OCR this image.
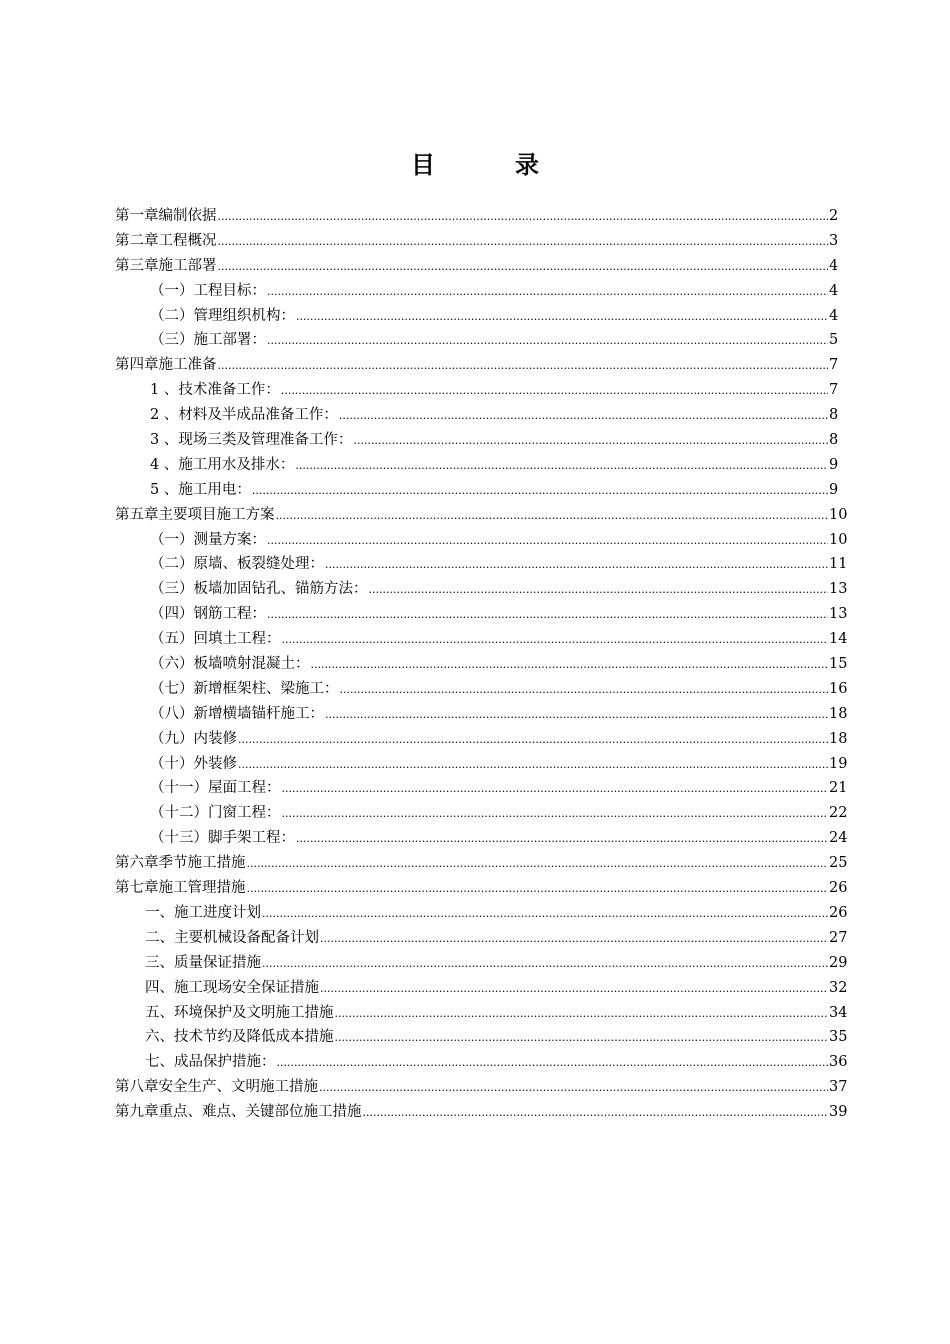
目　录
第一章 编制依据 .....	2
第二章 工程概况 .....	3
第三章 施工部署 .....	4
（一）工程目标： .....	4
（二）管理组织机构： .....	4
（三）施工部署： .....	5
第四章 施工准备 .....	7
1 、技术准备工作： .....	7
2 、材料及半成品准备工作： .....	8
3 、现场三类及管理准备工作： .....	8
4 、施工用水及排水： .....	9
5 、施工用电： .....	9
第五章 主要项目施工方案 .....	10
（一）测量方案： .....	10
（二）原墙、板裂缝处理： .....	11
（三）板墙加固钻孔、锚筋方法： .....	13
（四）钢筋工程： .....	13
（五）回填土工程： .....	14
（六）板墙喷射混凝土： .....	15
（七）新增框架柱、梁施工： .....	16
（八）新增横墙锚杆施工： .....	18
（九）内装修 .....	18
（十）外装修 .....	19
（十一）屋面工程： .....	21
（十二）门窗工程： .....	22
（十三）脚手架工程： .....	24
第六章 季节施工措施 .....	25
第七章 施工管理措施 .....	26
一、施工进度计划 .....	26
二、主要机械设备配备计划 .....	27
三、质量保证措施 .....	29
四、施工现场安全保证措施 .....	32
五、环境保护及文明施工措施 .....	34
六、技术节约及降低成本措施 .....	35
七、成品保护措施： .....	36
第八章 安全生产、文明施工措施 .....	37
第九章 重点、难点、关键部位施工措施 .....	39
